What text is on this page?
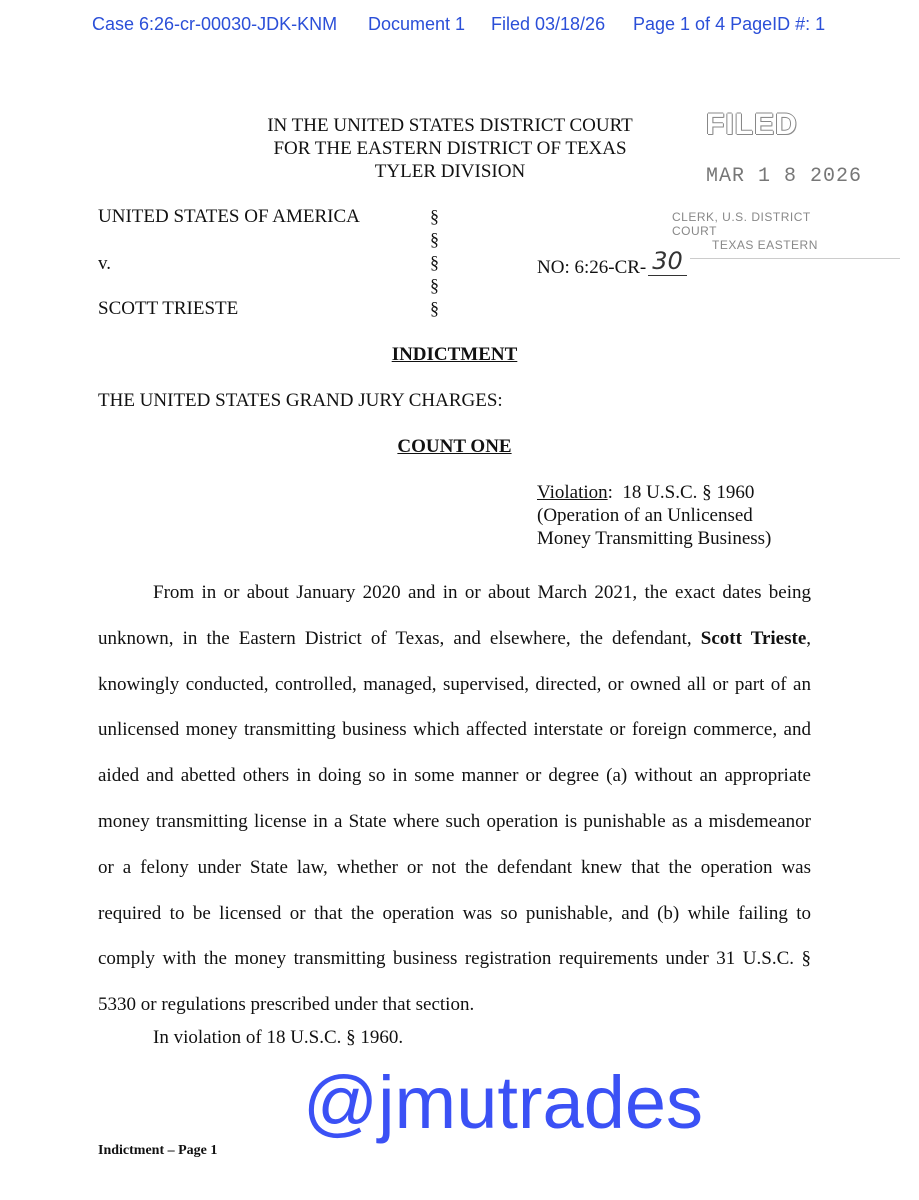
Case 6:26-cr-00030-JDK-KNM Document 1 Filed 03/18/26 Page 1 of 4 PageID #: 1
IN THE UNITED STATES DISTRICT COURT
FOR THE EASTERN DISTRICT OF TEXAS
TYLER DIVISION
FILED
MAR 1 8 2026
CLERK, U.S. DISTRICT COURT
TEXAS EASTERN
UNITED STATES OF AMERICA
v.
SCOTT TRIESTE
§
§
§
§
§
NO: 6:26-CR- 30
INDICTMENT
THE UNITED STATES GRAND JURY CHARGES:
COUNT ONE
Violation:  18 U.S.C. § 1960
(Operation of an Unlicensed
Money Transmitting Business)

From in or about January 2020 and in or about March 2021, the exact dates being unknown, in the Eastern District of Texas, and elsewhere, the defendant, Scott Trieste, knowingly conducted, controlled, managed, supervised, directed, or owned all or part of an unlicensed money transmitting business which affected interstate or foreign commerce, and aided and abetted others in doing so in some manner or degree (a) without an appropriate money transmitting license in a State where such operation is punishable as a misdemeanor or a felony under State law, whether or not the defendant knew that the operation was required to be licensed or that the operation was so punishable, and (b) while failing to comply with the money transmitting business registration requirements under 31 U.S.C. § 5330 or regulations prescribed under that section.

In violation of 18 U.S.C. § 1960.
@jmutrades
Indictment – Page 1
